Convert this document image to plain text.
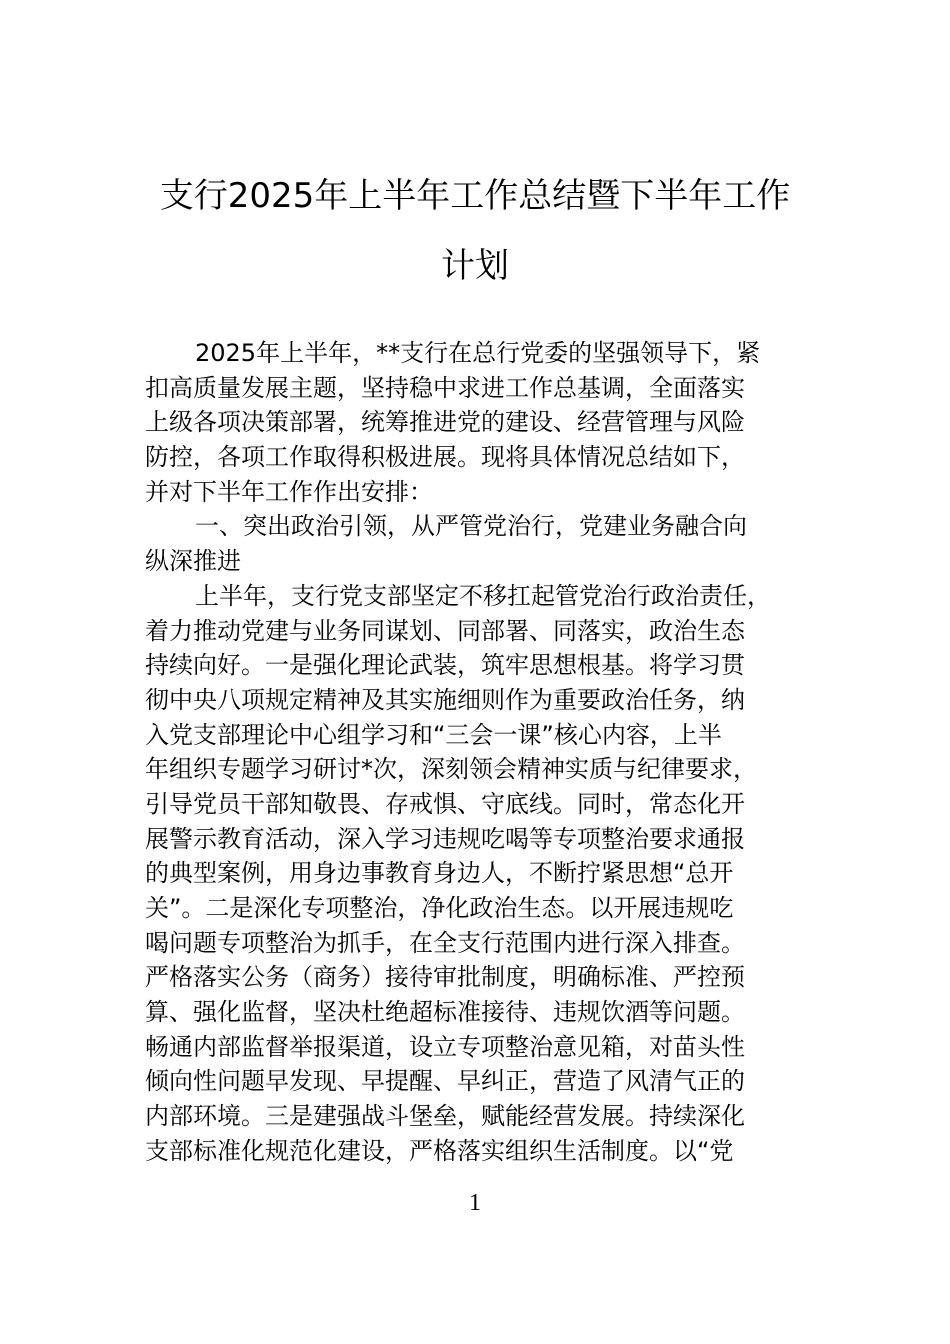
支行2025年上半年工作总结暨下半年工作
计划
2025年上半年，**支行在总行党委的坚强领导下，紧
扣高质量发展主题，坚持稳中求进工作总基调，全面落实
上级各项决策部署，统筹推进党的建设、经营管理与风险
防控，各项工作取得积极进展。现将具体情况总结如下，
并对下半年工作作出安排：
一、突出政治引领，从严管党治行，党建业务融合向
纵深推进
上半年，支行党支部坚定不移扛起管党治行政治责任，
着力推动党建与业务同谋划、同部署、同落实，政治生态
持续向好。一是强化理论武装，筑牢思想根基。将学习贯
彻中央八项规定精神及其实施细则作为重要政治任务，纳
入党支部理论中心组学习和“三会一课”核心内容，上半
年组织专题学习研讨*次，深刻领会精神实质与纪律要求，
引导党员干部知敬畏、存戒惧、守底线。同时，常态化开
展警示教育活动，深入学习违规吃喝等专项整治要求通报
的典型案例，用身边事教育身边人，不断拧紧思想“总开
关”。二是深化专项整治，净化政治生态。以开展违规吃
喝问题专项整治为抓手，在全支行范围内进行深入排查。
严格落实公务（商务）接待审批制度，明确标准、严控预
算、强化监督，坚决杜绝超标准接待、违规饮酒等问题。
畅通内部监督举报渠道，设立专项整治意见箱，对苗头性
倾向性问题早发现、早提醒、早纠正，营造了风清气正的
内部环境。三是建强战斗堡垒，赋能经营发展。持续深化
支部标准化规范化建设，严格落实组织生活制度。以“党
1
